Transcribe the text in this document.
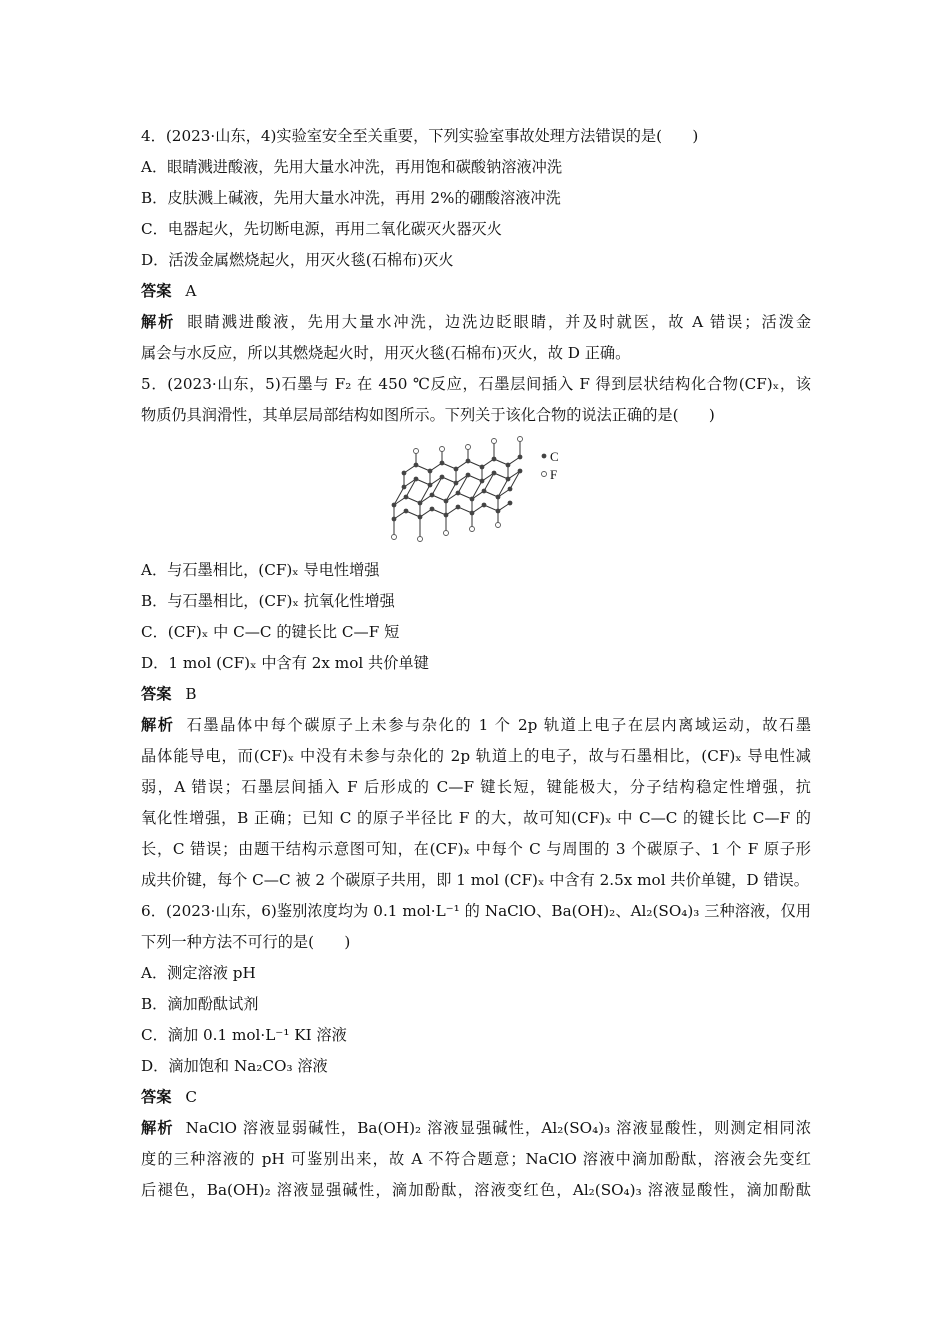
4．(2023·山东，4)实验室安全至关重要，下列实验室事故处理方法错误的是(　　)
A．眼睛溅进酸液，先用大量水冲洗，再用饱和碳酸钠溶液冲洗
B．皮肤溅上碱液，先用大量水冲洗，再用 2%的硼酸溶液冲洗
C．电器起火，先切断电源，再用二氧化碳灭火器灭火
D．活泼金属燃烧起火，用灭火毯(石棉布)灭火
答案 A
解析 眼睛溅进酸液，先用大量水冲洗，边洗边眨眼睛，并及时就医，故 A 错误；活泼金
属会与水反应，所以其燃烧起火时，用灭火毯(石棉布)灭火，故 D 正确。
5．(2023·山东，5)石墨与 F₂ 在 450 ℃反应，石墨层间插入 F 得到层状结构化合物(CF)ₓ，该
物质仍具润滑性，其单层局部结构如图所示。下列关于该化合物的说法正确的是(　　)
C
F
A．与石墨相比，(CF)ₓ 导电性增强
B．与石墨相比，(CF)ₓ 抗氧化性增强
C．(CF)ₓ 中 C—C 的键长比 C—F 短
D．1 mol (CF)ₓ 中含有 2x mol 共价单键
答案 B
解析 石墨晶体中每个碳原子上未参与杂化的 1 个 2p 轨道上电子在层内离域运动，故石墨
晶体能导电，而(CF)ₓ 中没有未参与杂化的 2p 轨道上的电子，故与石墨相比，(CF)ₓ 导电性减
弱，A 错误；石墨层间插入 F 后形成的 C—F 键长短，键能极大，分子结构稳定性增强，抗
氧化性增强，B 正确；已知 C 的原子半径比 F 的大，故可知(CF)ₓ 中 C—C 的键长比 C—F 的
长，C 错误；由题干结构示意图可知，在(CF)ₓ 中每个 C 与周围的 3 个碳原子、1 个 F 原子形
成共价键，每个 C—C 被 2 个碳原子共用，即 1 mol (CF)ₓ 中含有 2.5x mol 共价单键，D 错误。
6．(2023·山东，6)鉴别浓度均为 0.1 mol·L⁻¹ 的 NaClO、Ba(OH)₂、Al₂(SO₄)₃ 三种溶液，仅用
下列一种方法不可行的是(　　)
A．测定溶液 pH
B．滴加酚酞试剂
C．滴加 0.1 mol·L⁻¹ KI 溶液
D．滴加饱和 Na₂CO₃ 溶液
答案 C
解析 NaClO 溶液显弱碱性，Ba(OH)₂ 溶液显强碱性，Al₂(SO₄)₃ 溶液显酸性，则测定相同浓
度的三种溶液的 pH 可鉴别出来，故 A 不符合题意；NaClO 溶液中滴加酚酞，溶液会先变红
后褪色，Ba(OH)₂ 溶液显强碱性，滴加酚酞，溶液变红色，Al₂(SO₄)₃ 溶液显酸性，滴加酚酞
